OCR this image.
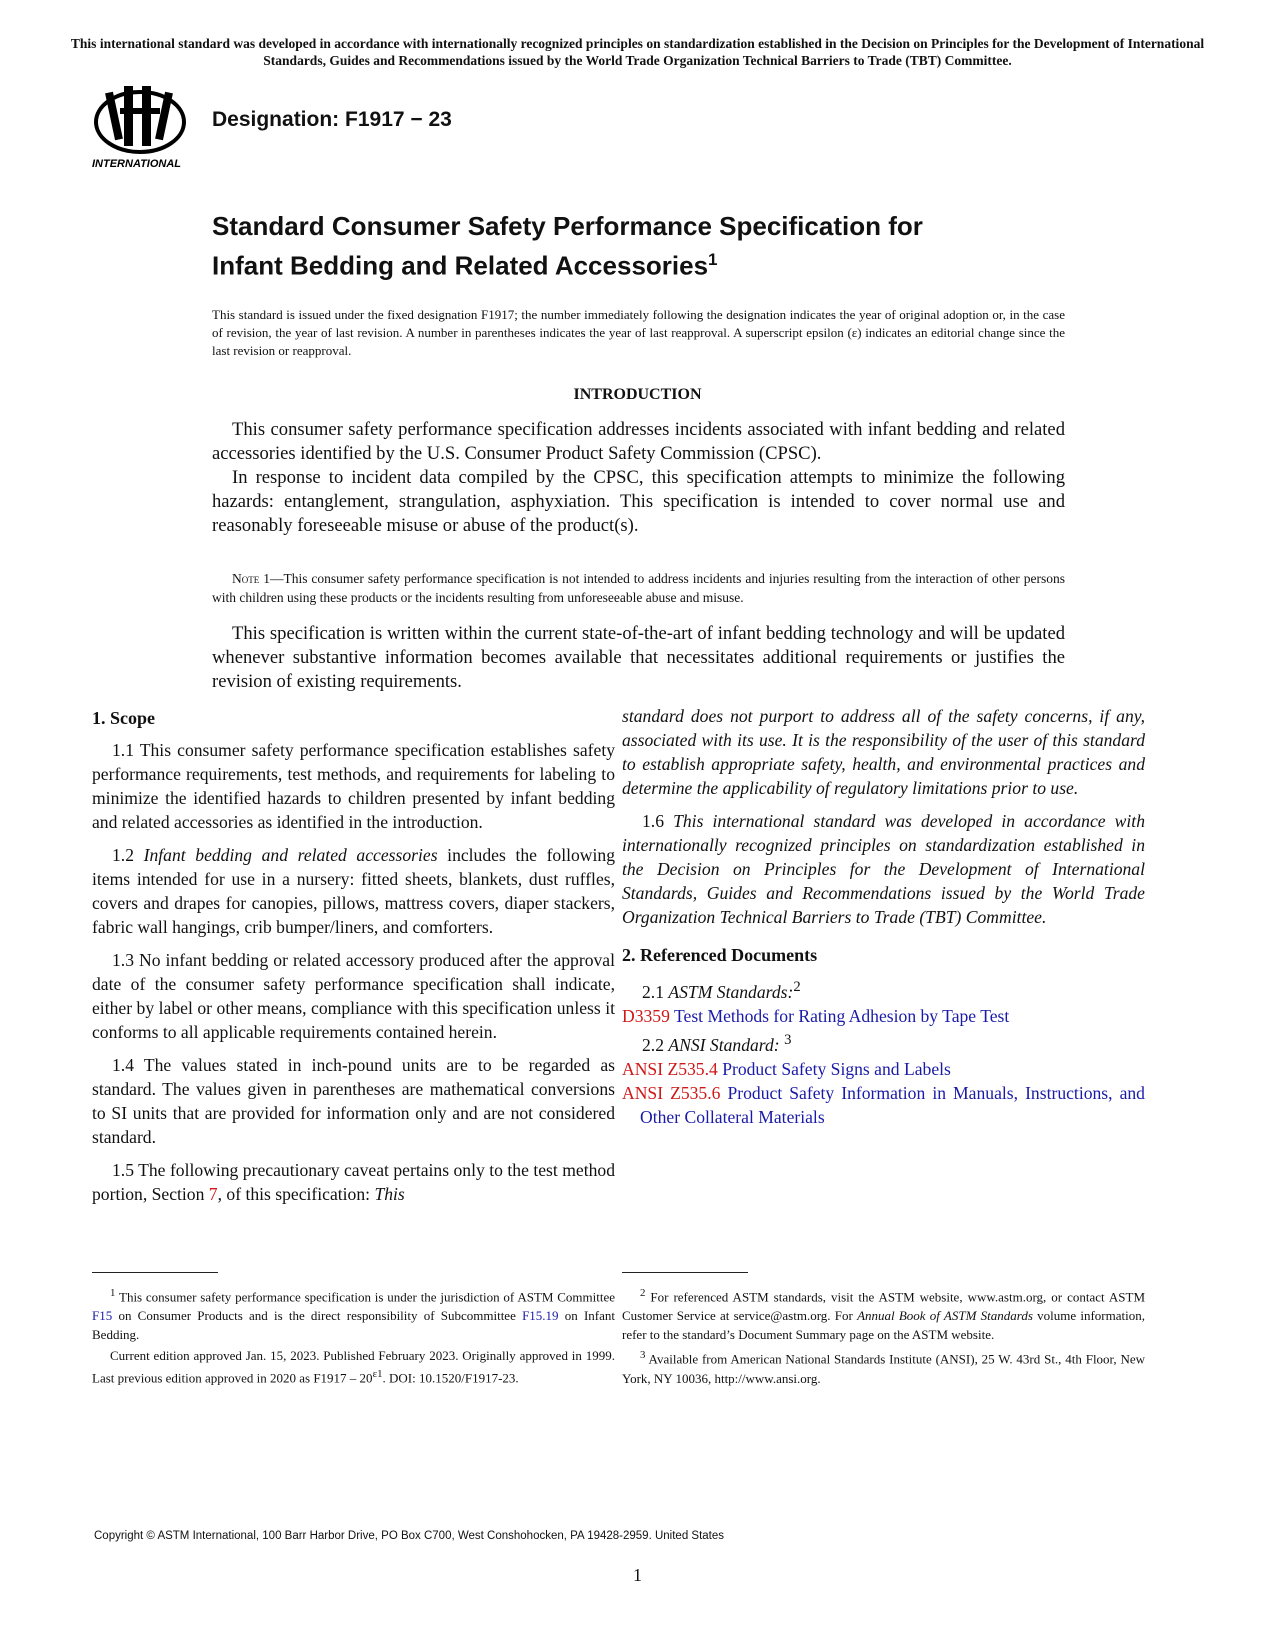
This international standard was developed in accordance with internationally recognized principles on standardization established in the Decision on Principles for the Development of International Standards, Guides and Recommendations issued by the World Trade Organization Technical Barriers to Trade (TBT) Committee.
INTERNATIONAL
Designation: F1917 − 23
Standard Consumer Safety Performance Specification for
Infant Bedding and Related Accessories$^1$
This standard is issued under the fixed designation F1917; the number immediately following the designation indicates the year of original adoption or, in the case of revision, the year of last revision. A number in parentheses indicates the year of last reapproval. A superscript epsilon (ε) indicates an editorial change since the last revision or reapproval.
INTRODUCTION

This consumer safety performance specification addresses incidents associated with infant bedding and related accessories identified by the U.S. Consumer Product Safety Commission (CPSC).

In response to incident data compiled by the CPSC, this specification attempts to minimize the following hazards: entanglement, strangulation, asphyxiation. This specification is intended to cover normal use and reasonably foreseeable misuse or abuse of the product(s).

Note 1—This consumer safety performance specification is not intended to address incidents and injuries resulting from the interaction of other persons with children using these products or the incidents resulting from unforeseeable abuse and misuse.

This specification is written within the current state-of-the-art of infant bedding technology and will be updated whenever substantive information becomes available that necessitates additional requirements or justifies the revision of existing requirements.

1. Scope

1.1 This consumer safety performance specification establishes safety performance requirements, test methods, and requirements for labeling to minimize the identified hazards to children presented by infant bedding and related accessories as identified in the introduction.

1.2 Infant bedding and related accessories includes the following items intended for use in a nursery: fitted sheets, blankets, dust ruffles, covers and drapes for canopies, pillows, mattress covers, diaper stackers, fabric wall hangings, crib bumper/liners, and comforters.

1.3 No infant bedding or related accessory produced after the approval date of the consumer safety performance specification shall indicate, either by label or other means, compliance with this specification unless it conforms to all applicable requirements contained herein.

1.4 The values stated in inch-pound units are to be regarded as standard. The values given in parentheses are mathematical conversions to SI units that are provided for information only and are not considered standard.

1.5 The following precautionary caveat pertains only to the test method portion, Section 7, of this specification: This

standard does not purport to address all of the safety concerns, if any, associated with its use. It is the responsibility of the user of this standard to establish appropriate safety, health, and environmental practices and determine the applicability of regulatory limitations prior to use.

1.6 This international standard was developed in accordance with internationally recognized principles on standardization established in the Decision on Principles for the Development of International Standards, Guides and Recommendations issued by the World Trade Organization Technical Barriers to Trade (TBT) Committee.

2. Referenced Documents
2.1 ASTM Standards:$^2$
D3359 Test Methods for Rating Adhesion by Tape Test
2.2 ANSI Standard: $^3$
ANSI Z535.4 Product Safety Signs and Labels
ANSI Z535.6 Product Safety Information in Manuals, Instructions, and Other Collateral Materials

$^1$ This consumer safety performance specification is under the jurisdiction of ASTM Committee F15 on Consumer Products and is the direct responsibility of Subcommittee F15.19 on Infant Bedding.

Current edition approved Jan. 15, 2023. Published February 2023. Originally approved in 1999. Last previous edition approved in 2020 as $F1917 - 20^{\varepsilon 1}$. DOI: 10.1520/F1917-23.

$^2$ For referenced ASTM standards, visit the ASTM website, www.astm.org, or contact ASTM Customer Service at service@astm.org. For Annual Book of ASTM Standards volume information, refer to the standard’s Document Summary page on the ASTM website.

$^3$ Available from American National Standards Institute (ANSI), 25 W. 43rd St., 4th Floor, New York, NY 10036, http://www.ansi.org.

Copyright © ASTM International, 100 Barr Harbor Drive, PO Box C700, West Conshohocken, PA 19428-2959. United States
1
